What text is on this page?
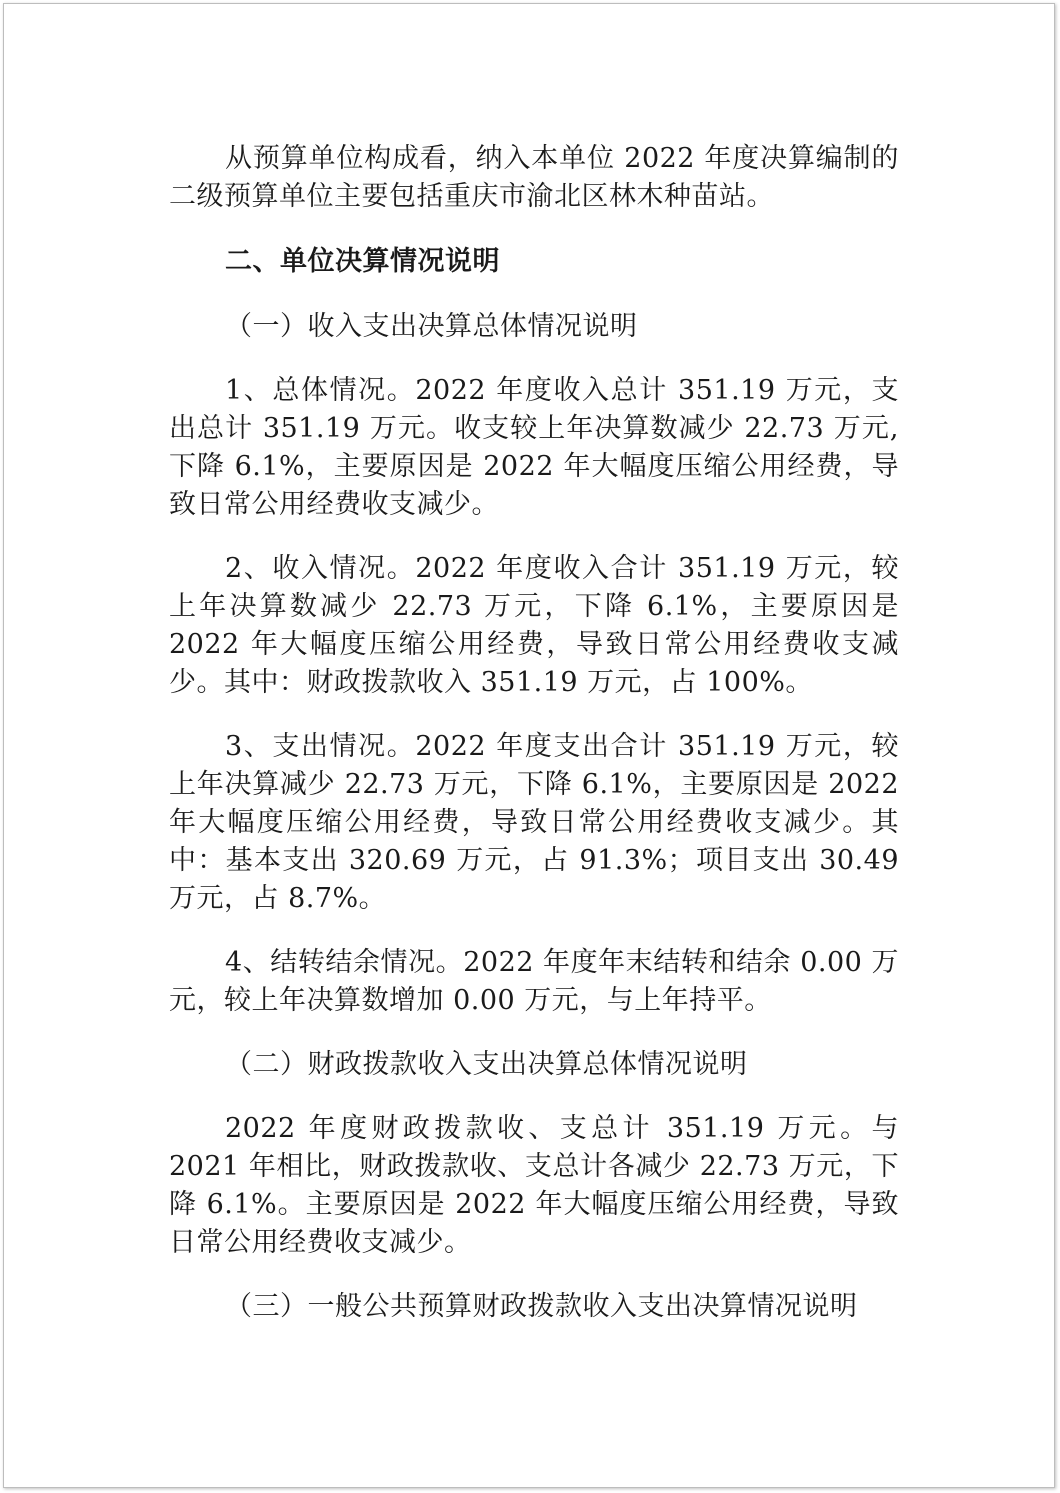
从预算单位构成看，纳入本单位 2022 年度决算编制的二级预算单位主要包括重庆市渝北区林木种苗站。

二、单位决算情况说明

（一）收入支出决算总体情况说明

1、总体情况。2022 年度收入总计 351.19 万元，支出总计 351.19 万元。收支较上年决算数减少 22.73 万元,下降 6.1%，主要原因是 2022 年大幅度压缩公用经费，导致日常公用经费收支减少。

2、收入情况。2022 年度收入合计 351.19 万元，较上年决算数减少 22.73 万元，下降 6.1%，主要原因是 2022 年大幅度压缩公用经费，导致日常公用经费收支减少。其中：财政拨款收入 351.19 万元，占 100%。

3、支出情况。2022 年度支出合计 351.19 万元，较上年决算减少 22.73 万元，下降 6.1%，主要原因是 2022 年大幅度压缩公用经费，导致日常公用经费收支减少。其中：基本支出 320.69 万元，占 91.3%；项目支出 30.49 万元，占 8.7%。

4、结转结余情况。2022 年度年末结转和结余 0.00 万元，较上年决算数增加 0.00 万元，与上年持平。

（二）财政拨款收入支出决算总体情况说明

2022 年度财政拨款收、支总计 351.19 万元。与 2021 年相比，财政拨款收、支总计各减少 22.73 万元，下降 6.1%。主要原因是 2022 年大幅度压缩公用经费，导致日常公用经费收支减少。

（三）一般公共预算财政拨款收入支出决算情况说明
